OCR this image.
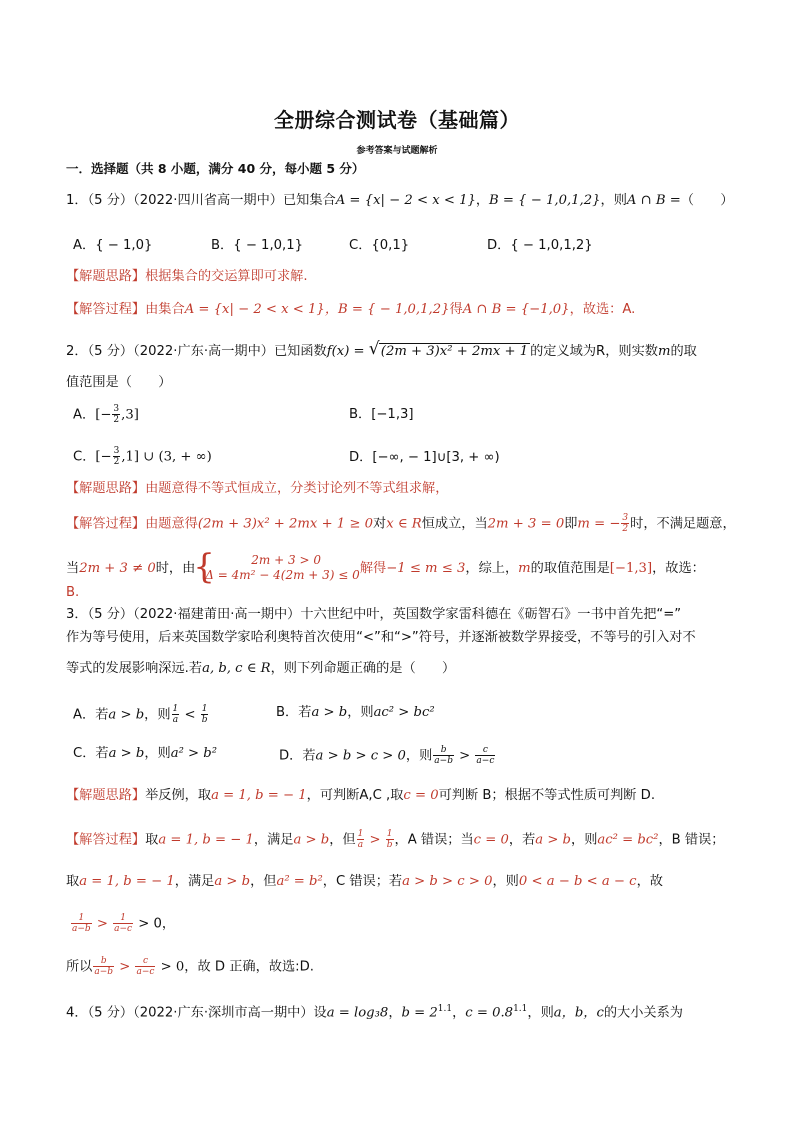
全册综合测试卷（基础篇）
参考答案与试题解析
一．选择题（共 8 小题，满分 40 分，每小题 5 分）
1．（5 分）（2022·四川省高一期中）已知集合A = {x| − 2 < x < 1}，B = { − 1,0,1,2}，则A ∩ B =（　　）
A．{ − 1,0}	B．{ − 1,0,1}	C．{0,1}	D．{ − 1,0,1,2}
【解题思路】根据集合的交运算即可求解.
【解答过程】由集合A = {x| − 2 < x < 1}，B = { − 1,0,1,2}得A ∩ B = {−1,0}，故选：A.
2．（5 分）（2022·广东·高一期中）已知函数f(x) = √ (2m + 3)x² + 2mx + 1 的定义域为R，则实数m的取
值范围是（　　）
A．[− $\frac{3}{2} ,3$]	B．[−1,3]
C．[− $\frac{3}{2} ,1$] ∪ (3, + ∞)	D．[−∞, − 1]∪[3, + ∞)
【解题思路】由题意得不等式恒成立，分类讨论列不等式组求解，
【解答过程】由题意得(2m + 3)x² + 2mx + 1 ≥ 0对x ∈ R恒成立，当2m + 3 = 0即m = − $\frac{3}{2}$ 时，不满足题意，
当2m + 3 ≠ 0时，由
{	2m + 3 > 0
Δ = 4m² − 4(2m + 3) ≤ 0 解得−1 ≤ m ≤ 3，综上，m的取值范围是[−1,3]，故选：
B.
3．（5 分）（2022·福建莆田·高一期中）十六世纪中叶，英国数学家雷科德在《砺智石》一书中首先把“=”
作为等号使用，后来英国数学家哈利奥特首次使用“<”和“>”符号，并逐渐被数学界接受，不等号的引入对不
等式的发展影响深远.若a, b, c ∈ R，则下列命题正确的是（　　）
A．若a > b，则 $\frac{1}{a} < \frac{1}{b}$	B．若a > b，则ac² > bc²
C．若a > b，则a² > b²	D．若a > b > c > 0，则 $\frac{b}{a-b} > \frac{c}{a-c}$
【解题思路】举反例，取a = 1, b = − 1，可判断A,C ,取c = 0可判断 B；根据不等式性质可判断 D.
【解答过程】取a = 1, b = − 1，满足a > b，但 $\frac{1}{a} > \frac{1}{b}$ ，A 错误；当c = 0，若a > b，则ac² = bc²，B 错误；
取a = 1, b = − 1，满足a > b，但a² = b²，C 错误；若a > b > c > 0，则0 < a − b < a − c，故
$\frac{1}{a-b} > \frac{1}{a-c} > 0$，
所以 $\frac{b}{a-b} > \frac{c}{a-c} > 0$，故 D 正确，故选:D.
4．（5 分）（2022·广东·深圳市高一期中）设a = log₃8，$b = 2^{1.1}$，$c = 0.8^{1.1}$，则a，b，c的大小关系为
